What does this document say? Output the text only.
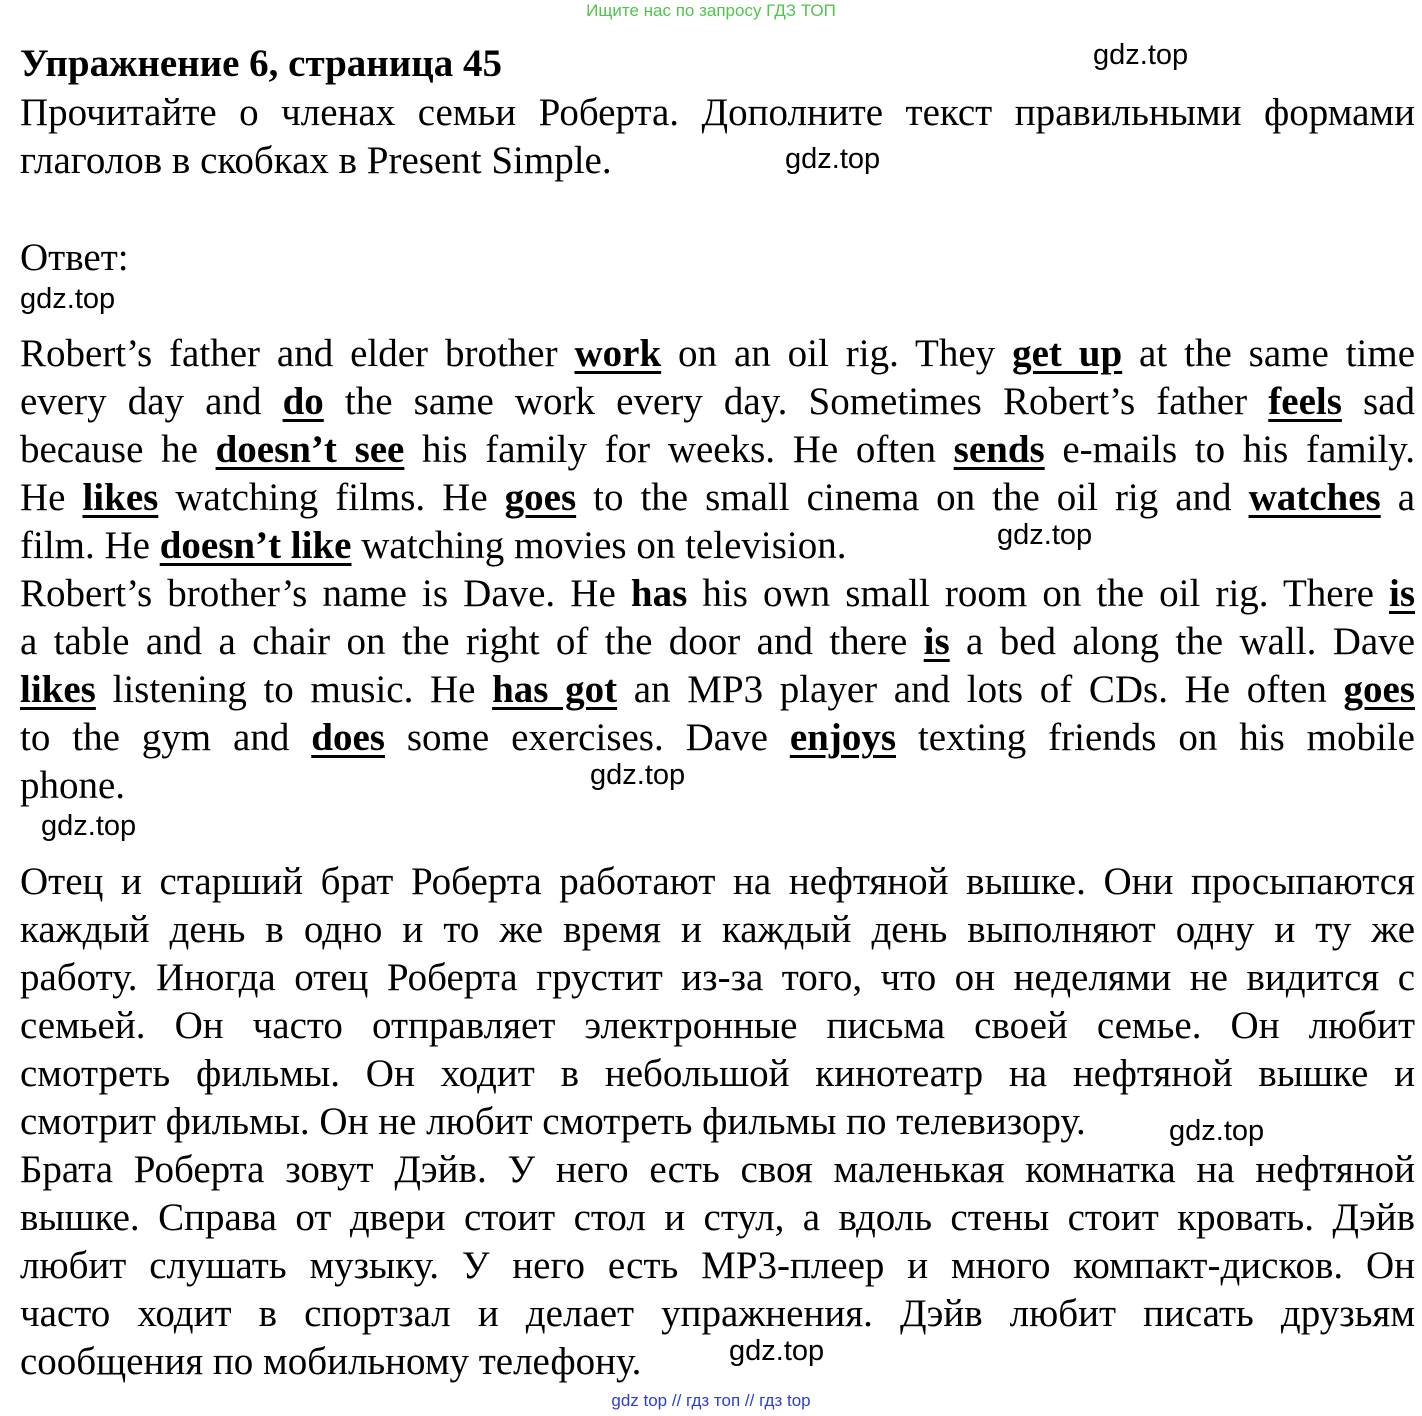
Ищите нас по запросу ГДЗ ТОП
Упражнение 6, страница 45
Прочитайте о членах семьи Роберта. Дополните текст правильными формами
глаголов в скобках в Present Simple.
Ответ:
Robert’s father and elder brother work on an oil rig. They get up at the same time
every day and do the same work every day. Sometimes Robert’s father feels sad
because he doesn’t see his family for weeks. He often sends e-mails to his family.
He likes watching films. He goes to the small cinema on the oil rig and watches a
film. He doesn’t like watching movies on television.
Robert’s brother’s name is Dave. He has his own small room on the oil rig. There is
a table and a chair on the right of the door and there is a bed along the wall. Dave
likes listening to music. He has got an MP3 player and lots of CDs. He often goes
to the gym and does some exercises. Dave enjoys texting friends on his mobile
phone.
Отец и старший брат Роберта работают на нефтяной вышке. Они просыпаются
каждый день в одно и то же время и каждый день выполняют одну и ту же
работу. Иногда отец Роберта грустит из-за того, что он неделями не видится с
семьей. Он часто отправляет электронные письма своей семье. Он любит
смотреть фильмы. Он ходит в небольшой кинотеатр на нефтяной вышке и
смотрит фильмы. Он не любит смотреть фильмы по телевизору.
Брата Роберта зовут Дэйв. У него есть своя маленькая комнатка на нефтяной
вышке. Справа от двери стоит стол и стул, а вдоль стены стоит кровать. Дэйв
любит слушать музыку. У него есть MP3-плеер и много компакт-дисков. Он
часто ходит в спортзал и делает упражнения. Дэйв любит писать друзьям
сообщения по мобильному телефону.
gdz.top
gdz.top
gdz.top
gdz.top
gdz.top
gdz.top
gdz.top
gdz.top
gdz top // гдз топ // гдз top
